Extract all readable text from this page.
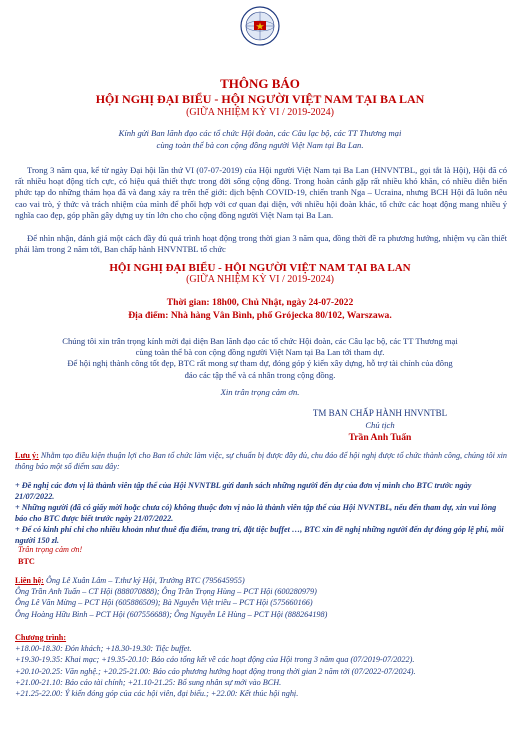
THÔNG BÁO
HỘI NGHỊ ĐẠI BIỂU - HỘI NGƯỜI VIỆT NAM TẠI BA LAN
(GIỮA NHIỆM KỲ VI / 2019-2024)
Kính gửi Ban lãnh đạo các tổ chức Hội đoàn, các Câu lạc bộ, các TT Thương mại
cùng toàn thể bà con cộng đồng người Việt Nam tại Ba Lan.
Trong 3 năm qua, kể từ ngày Đại hội lần thứ VI (07-07-2019) của Hội người Việt Nam tại Ba Lan (HNVNTBL, gọi tắt là Hội), Hội đã có rất nhiều hoạt động tích cực, có hiệu quả thiết thực trong đời sống cộng đồng. Trong hoàn cảnh gặp rất nhiều khó khăn, có nhiều diễn biến phức tạp do những thảm họa đã và đang xảy ra trên thế giới: dịch bệnh COVID-19, chiến tranh Nga – Ucraina, nhưng BCH Hội đã luôn nêu cao vai trò, ý thức và trách nhiệm của mình để phối hợp với cơ quan đại diện, với nhiều hội đoàn khác, tổ chức các hoạt động mang nhiều ý nghĩa cao đẹp, góp phần gây dựng uy tín lớn cho cho cộng đồng người Việt Nam tại Ba Lan.
Để nhìn nhận, đánh giá một cách đầy đủ quá trình hoạt động trong thời gian 3 năm qua, đồng thời đề ra phương hướng, nhiệm vụ cần thiết phải làm trong 2 năm tới, Ban chấp hành HNVNTBL tổ chức
HỘI NGHỊ ĐẠI BIỂU - HỘI NGƯỜI VIỆT NAM TẠI BA LAN
(GIỮA NHIỆM KỲ VI / 2019-2024)
Thời gian: 18h00, Chủ Nhật, ngày 24-07-2022
Địa điểm: Nhà hàng Vân Bình, phố Grójecka 80/102, Warszawa.
Chúng tôi xin trân trọng kính mời đại diện Ban lãnh đạo các tổ chức Hội đoàn, các Câu lạc bộ, các TT Thương mại
cùng toàn thể bà con cộng đồng người Việt Nam tại Ba Lan tới tham dự.
Để hội nghị thành công tốt đẹp, BTC rất mong sự tham dự, đóng góp ý kiến xây dựng, hỗ trợ tài chính của đông
đảo các tập thể và cá nhân trong cộng đồng.
Xin trân trọng cảm ơn.
TM BAN CHẤP HÀNH HNVNTBL
Chủ tịch
Trần Anh Tuấn
Lưu ý: Nhằm tạo điều kiện thuận lợi cho Ban tổ chức làm việc, sự chuẩn bị được đầy đủ, chu đáo để hội nghị được tổ chức thành công, chúng tôi xin thông báo một số điểm sau đây:
+ Đề nghị các đơn vị là thành viên tập thể của Hội NVNTBL gửi danh sách những người đến dự của đơn vị mình cho BTC trước ngày 21/07/2022.
+ Những người (đã có giấy mời hoặc chưa có) không thuộc đơn vị nào là thành viên tập thể của Hội NVNTBL, nếu đến tham dự, xin vui lòng báo cho BTC được biết trước ngày 21/07/2022.
+ Để có kinh phí chi cho nhiều khoản như thuê địa điểm, trang trí, đặt tiệc buffet …, BTC xin đề nghị những người đến dự đóng góp lệ phí, mỗi người 150 zl.
Trân trọng cảm ơn!
BTC
Liên hệ: Ông Lê Xuân Lâm – T.thư ký Hội, Trưởng BTC (795645955)
Ông Trần Anh Tuấn – CT Hội (888070888); Ông Trần Trọng Hùng – PCT Hội (600280979)
Ông Lê Văn Mừng – PCT Hội (605886509); Bà Nguyễn Việt triều – PCT Hội (575660166)
Ông Hoàng Hữu Bình – PCT Hội (607556688); Ông Nguyễn Lê Hùng – PCT Hội (888264198)
Chương trình:
+18.00-18.30: Đón khách; +18.30-19.30: Tiệc buffet.
+19.30-19.35: Khai mạc; +19.35-20.10: Báo cáo tổng kết về các hoạt động của Hội trong 3 năm qua (07/2019-07/2022).
+20.10-20.25: Văn nghệ.; +20.25-21.00: Báo cáo phương hướng hoạt động trong thời gian 2 năm tới (07/2022-07/2024).
+21.00-21.10: Báo cáo tài chính; +21.10-21.25: Bổ sung nhân sự mới vào BCH.
+21.25-22.00: Ý kiến đóng góp của các hội viên, đại biểu.; +22.00: Kết thúc hội nghị.
